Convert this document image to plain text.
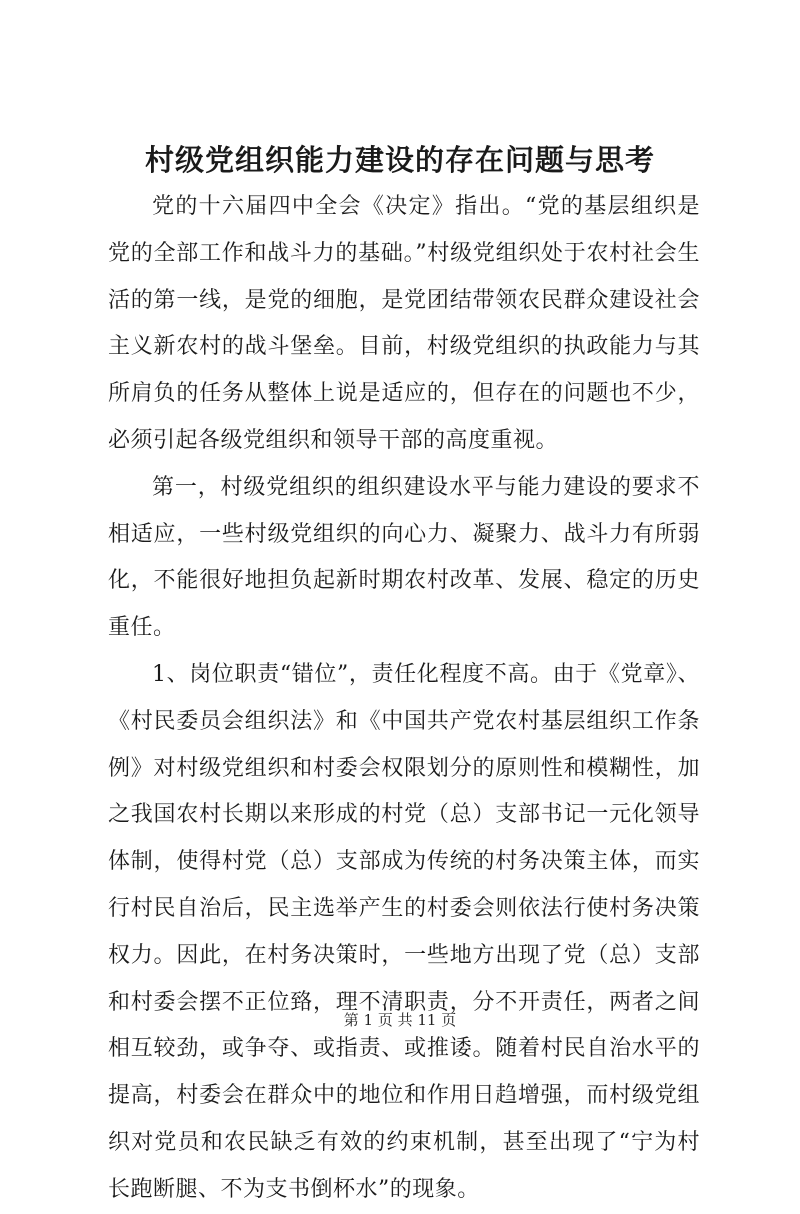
村级党组织能力建设的存在问题与思考

党的十六届四中全会《决定》指出。“党的基层组织是党的全部工作和战斗力的基础。”村级党组织处于农村社会生活的第一线，是党的细胞，是党团结带领农民群众建设社会主义新农村的战斗堡垒。目前，村级党组织的执政能力与其所肩负的任务从整体上说是适应的，但存在的问题也不少，必须引起各级党组织和领导干部的高度重视。

第一，村级党组织的组织建设水平与能力建设的要求不相适应，一些村级党组织的向心力、凝聚力、战斗力有所弱化，不能很好地担负起新时期农村改革、发展、稳定的历史重任。

1、岗位职责“错位”，责任化程度不高。由于《党章》、《村民委员会组织法》和《中国共产党农村基层组织工作条例》对村级党组织和村委会权限划分的原则性和模糊性，加之我国农村长期以来形成的村党（总）支部书记一元化领导体制，使得村党（总）支部成为传统的村务决策主体，而实行村民自治后，民主选举产生的村委会则依法行使村务决策权力。因此，在村务决策时，一些地方出现了党（总）支部和村委会摆不正位臵，理不清职责，分不开责任，两者之间相互较劲，或争夺、或指责、或推诿。随着村民自治水平的提高，村委会在群众中的地位和作用日趋增强，而村级党组织对党员和农民缺乏有效的约束机制，甚至出现了“宁为村长跑断腿、不为支书倒杯水”的现象。

第 1 页 共 11 页
